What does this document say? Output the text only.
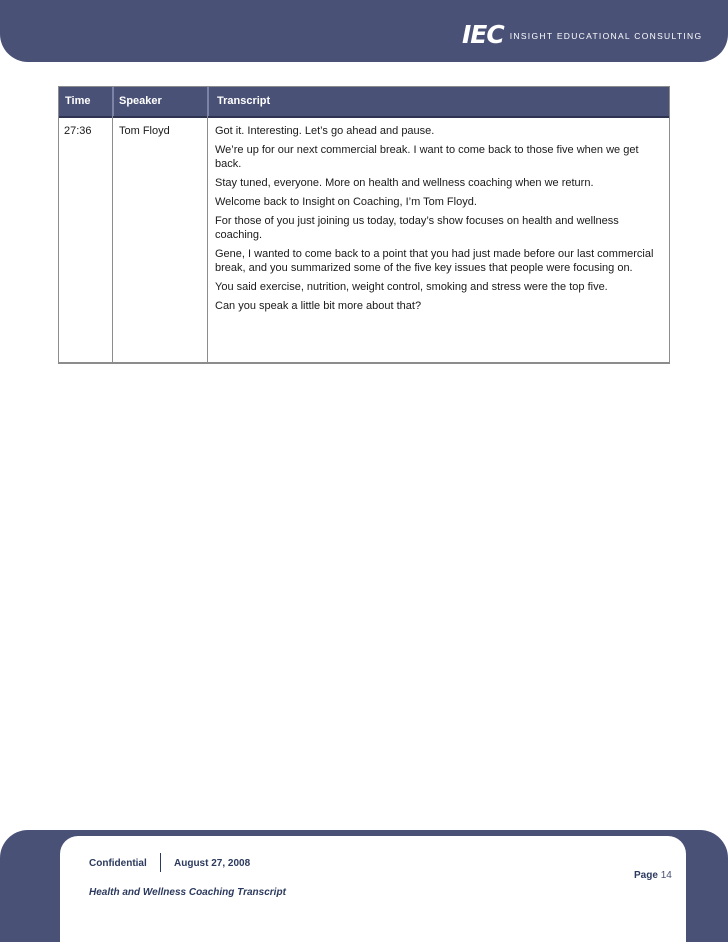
IEC INSIGHT EDUCATIONAL CONSULTING
Time	Speaker	Transcript
27:36 Tom Floyd	Got it. Interesting. Let’s go ahead and pause.

We’re up for our next commercial break. I want to come back to those five when we get back.

Stay tuned, everyone. More on health and wellness coaching when we return.

Welcome back to Insight on Coaching, I’m Tom Floyd.

For those of you just joining us today, today’s show focuses on health and wellness coaching.

Gene, I wanted to come back to a point that you had just made before our last commercial break, and you summarized some of the five key issues that people were focusing on.

You said exercise, nutrition, weight control, smoking and stress were the top five.

Can you speak a little bit more about that?

Confidential	August 27, 2008
Page 14
Health and Wellness Coaching Transcript
